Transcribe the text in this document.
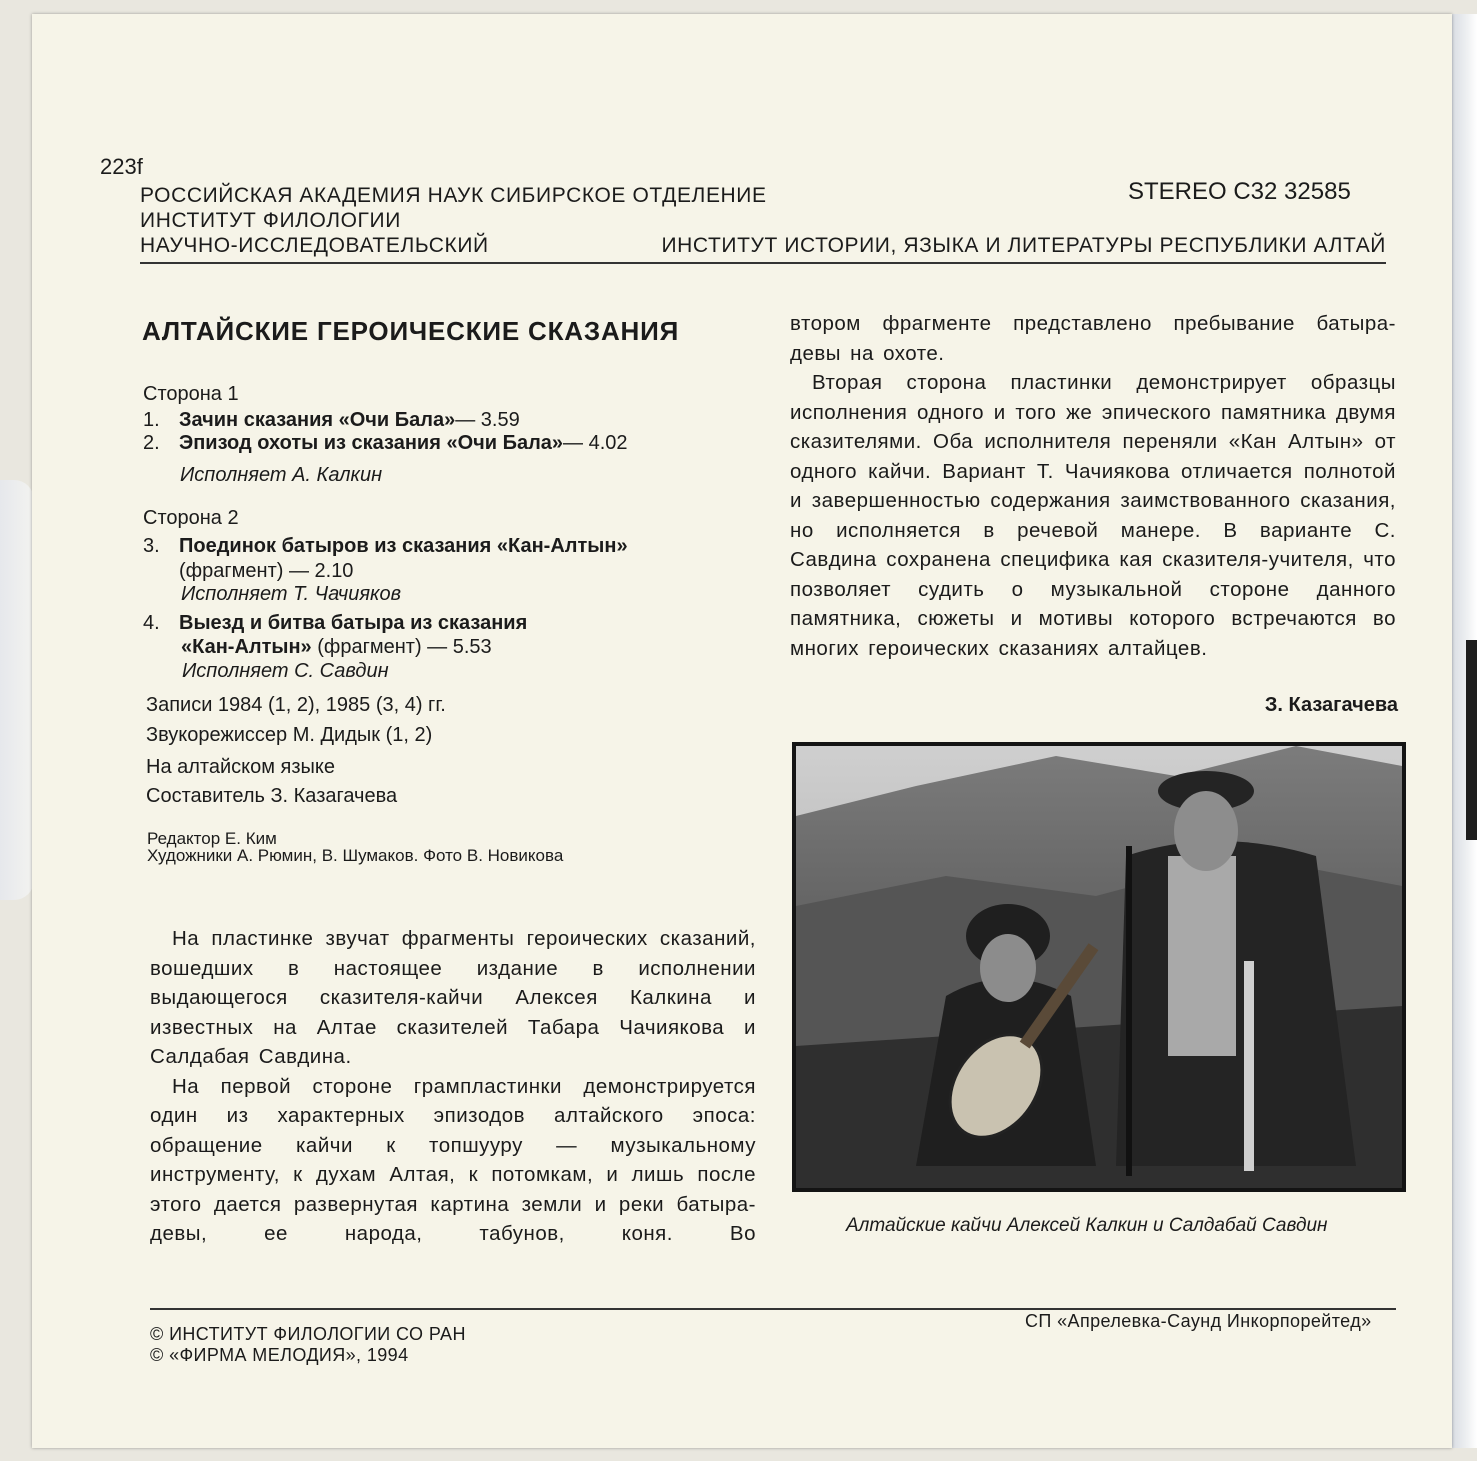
223f
РОССИЙСКАЯ АКАДЕМИЯ НАУК СИБИРСКОЕ ОТДЕЛЕНИЕ
ИНСТИТУТ ФИЛОЛОГИИ
НАУЧНО-ИССЛЕДОВАТЕЛЬСКИЙ	ИНСТИТУТ ИСТОРИИ, ЯЗЫКА И ЛИТЕРАТУРЫ РЕСПУБЛИКИ АЛТАЙ
STEREO C32 32585
АЛТАЙСКИЕ ГЕРОИЧЕСКИЕ СКАЗАНИЯ
Сторона 1
1. Зачин сказания «Очи Бала»— 3.59
2. Эпизод охоты из сказания «Очи Бала»— 4.02
Исполняет А. Калкин
Сторона 2
3. Поединок батыров из сказания «Кан-Алтын»
(фрагмент) — 2.10
Исполняет Т. Чачияков
4. Выезд и битва батыра из сказания
«Кан-Алтын» (фрагмент) — 5.53
Исполняет С. Савдин
Записи 1984 (1, 2), 1985 (3, 4) гг.
Звукорежиссер М. Дидык (1, 2)
На алтайском языке
Составитель З. Казагачева
Редактор Е. Ким
Художники А. Рюмин, В. Шумаков. Фото В. Новикова

На пластинке звучат фрагменты героических сказаний, вошедших в настоящее издание в исполнении выдающегося сказителя-кайчи Алексея Калкина и известных на Алтае сказителей Табара Чачиякова и Салдабая Савдина.

На первой стороне грампластинки демонстрируется один из характерных эпизодов алтайского эпоса: обращение кайчи к топшууру — музыкальному инструменту, к духам Алтая, к потомкам, и лишь после этого дается развернутая картина земли и реки батыра-девы, ее народа, табунов, коня. Во

втором фрагменте представлено пребывание батыра-девы на охоте.

Вторая сторона пластинки демонстрирует образцы исполнения одного и того же эпического памятника двумя сказителями. Оба исполнителя переняли «Кан Алтын» от одного кайчи. Вариант Т. Чачиякова отличается полнотой и завершенностью содержания заимствованного сказания, но исполняется в речевой манере. В варианте С. Савдина сохранена специфика кая сказителя-учителя, что позволяет судить о музыкальной стороне данного памятника, сюжеты и мотивы которого встречаются во многих героических сказаниях алтайцев.

З. Казагачева
Алтайские кайчи Алексей Калкин и Салдабай Савдин
© ИНСТИТУТ ФИЛОЛОГИИ СО РАН
© «ФИРМА МЕЛОДИЯ», 1994
СП «Апрелевка-Саунд Инкорпорейтед»
